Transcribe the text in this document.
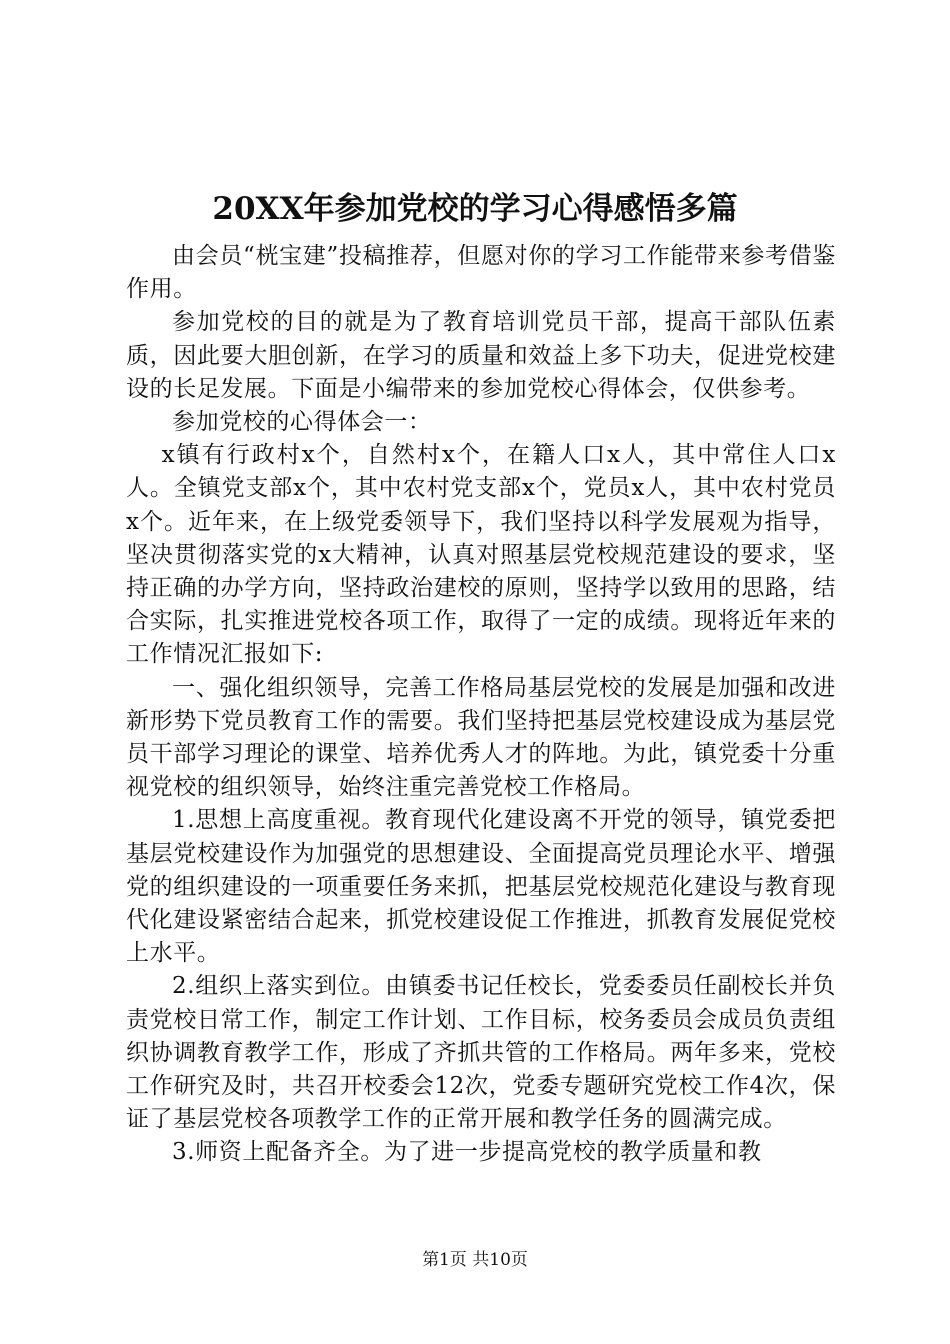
20XX年参加党校的学习心得感悟多篇

由会员“桄宝建”投稿推荐，但愿对你的学习工作能带来参考借鉴作用。

参加党校的目的就是为了教育培训党员干部，提高干部队伍素质，因此要大胆创新，在学习的质量和效益上多下功夫，促进党校建设的长足发展。下面是小编带来的参加党校心得体会，仅供参考。

参加党校的心得体会一：

x镇有行政村x个，自然村x个，在籍人口x人，其中常住人口x人。全镇党支部x个，其中农村党支部x个，党员x人，其中农村党员x个。近年来，在上级党委领导下，我们坚持以科学发展观为指导，坚决贯彻落实党的x大精神，认真对照基层党校规范建设的要求，坚持正确的办学方向，坚持政治建校的原则，坚持学以致用的思路，结合实际，扎实推进党校各项工作，取得了一定的成绩。现将近年来的工作情况汇报如下:

一、强化组织领导，完善工作格局基层党校的发展是加强和改进新形势下党员教育工作的需要。我们坚持把基层党校建设成为基层党员干部学习理论的课堂、培养优秀人才的阵地。为此，镇党委十分重视党校的组织领导，始终注重完善党校工作格局。

1.思想上高度重视。教育现代化建设离不开党的领导，镇党委把基层党校建设作为加强党的思想建设、全面提高党员理论水平、增强党的组织建设的一项重要任务来抓，把基层党校规范化建设与教育现代化建设紧密结合起来，抓党校建设促工作推进，抓教育发展促党校上水平。

2.组织上落实到位。由镇委书记任校长，党委委员任副校长并负责党校日常工作，制定工作计划、工作目标，校务委员会成员负责组织协调教育教学工作，形成了齐抓共管的工作格局。两年多来，党校工作研究及时，共召开校委会12次，党委专题研究党校工作4次，保证了基层党校各项教学工作的正常开展和教学任务的圆满完成。

3.师资上配备齐全。为了进一步提高党校的教学质量和教

第1页 共10页
